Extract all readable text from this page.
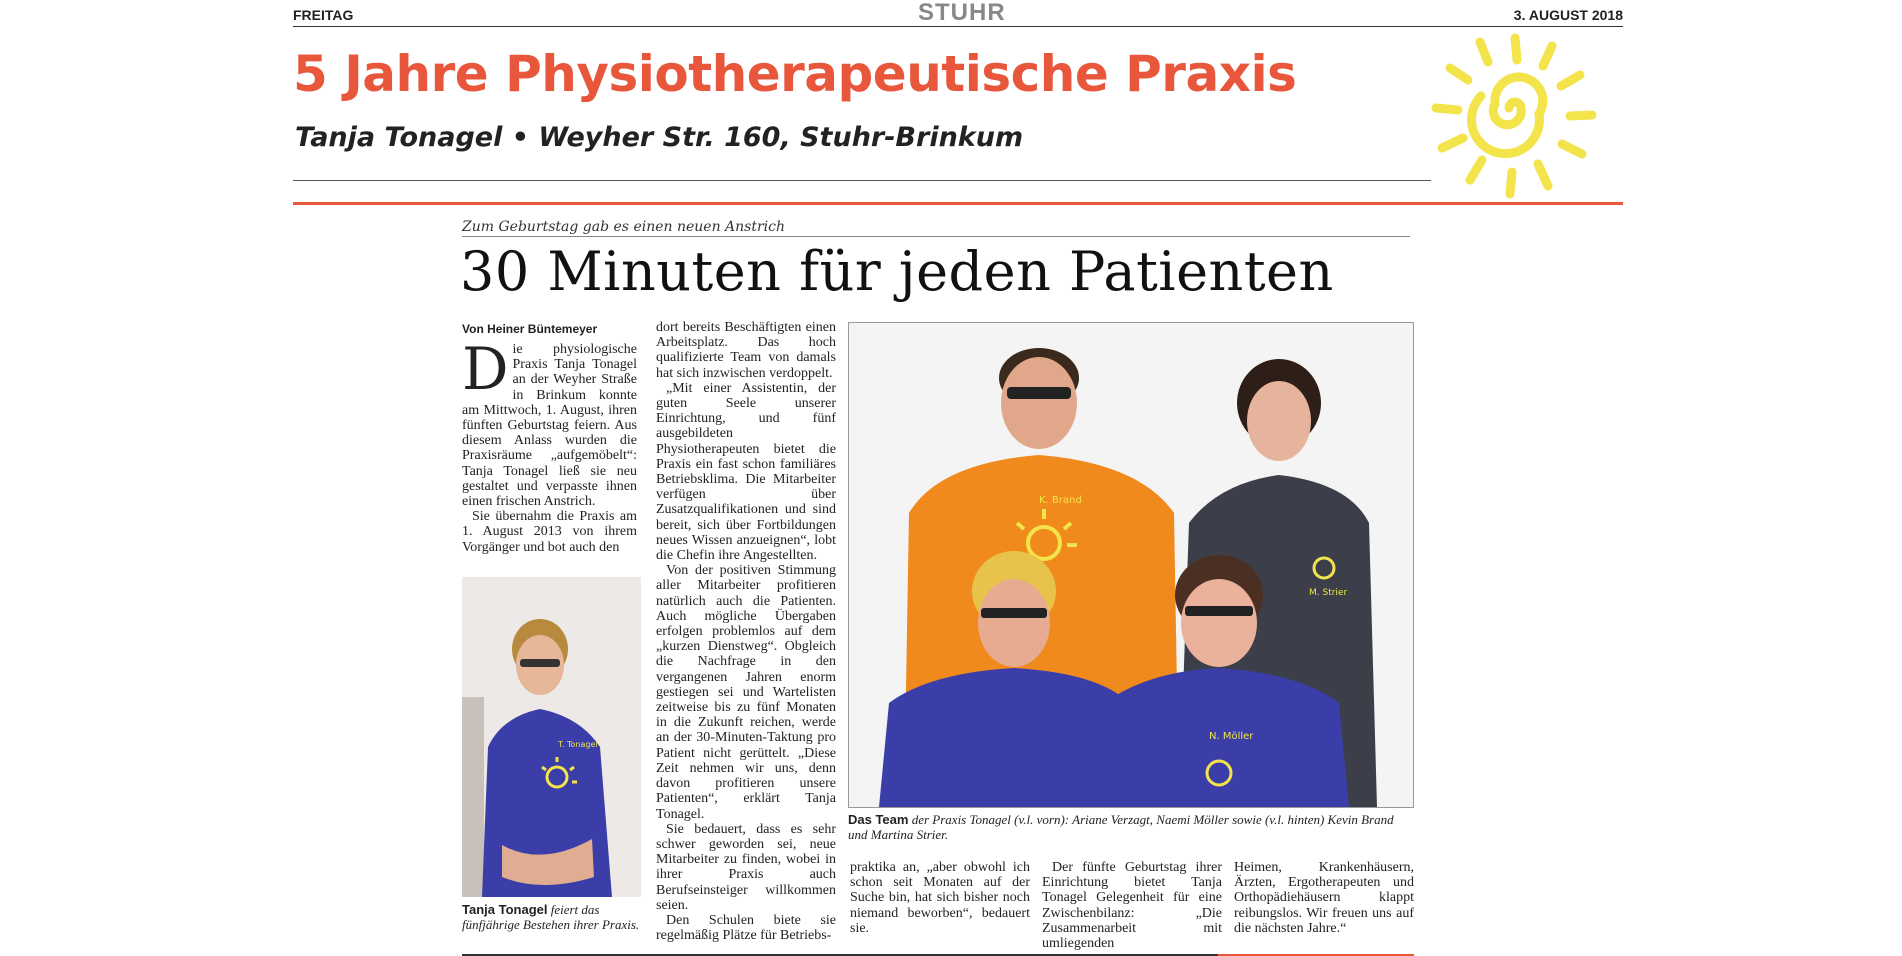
FREITAG	STUHR	3. AUGUST 2018
5 Jahre Physiotherapeutische Praxis
Tanja Tonagel • Weyher Str. 160, Stuhr-Brinkum
Zum Geburtstag gab es einen neuen Anstrich
30 Minuten für jeden Patienten
Von Heiner Büntemeyer

Die physiologische Praxis Tanja Tonagel an der Weyher Straße in Brinkum konnte am Mittwoch, 1. August, ihren fünften Geburtstag feiern. Aus diesem Anlass wurden die Praxisräume „aufgemöbelt“: Tanja Tonagel ließ sie neu gestaltet und verpasste ihnen einen frischen Anstrich.

Sie übernahm die Praxis am 1. August 2013 von ihrem Vorgänger und bot auch den

T. Tonagel
Tanja Tonagel feiert das fünfjährige Bestehen ihrer Praxis.

dort bereits Beschäftigten einen Arbeitsplatz. Das hoch qualifizierte Team von damals hat sich inzwischen verdoppelt.

„Mit einer Assistentin, der guten Seele unserer Einrichtung, und fünf ausgebildeten Physiotherapeuten bietet die Praxis ein fast schon familiäres Betriebsklima. Die Mitarbeiter verfügen über Zusatzqualifikationen und sind bereit, sich über Fortbildungen neues Wissen anzueignen“, lobt die Chefin ihre Angestellten.

Von der positiven Stimmung aller Mitarbeiter profitieren natürlich auch die Patienten. Auch mögliche Übergaben erfolgen problemlos auf dem „kurzen Dienstweg“. Obgleich die Nachfrage in den vergangenen Jahren enorm gestiegen sei und Wartelisten zeitweise bis zu fünf Monaten in die Zukunft reichen, werde an der 30-Minuten-Taktung pro Patient nicht gerüttelt. „Diese Zeit nehmen wir uns, denn davon profitieren unsere Patienten“, erklärt Tanja Tonagel.

Sie bedauert, dass es sehr schwer geworden sei, neue Mitarbeiter zu finden, wobei in ihrer Praxis auch Berufseinsteiger willkommen seien.

Den Schulen biete sie regelmäßig Plätze für Betriebs-

K. Brand
M. Strier
N. Möller
Das Team der Praxis Tonagel (v.l. vorn): Ariane Verzagt, Naemi Möller sowie (v.l. hinten) Kevin Brand und Martina Strier.

praktika an, „aber obwohl ich schon seit Monaten auf der Suche bin, hat sich bisher noch niemand beworben“, bedauert sie.

Der fünfte Geburtstag ihrer Einrichtung bietet Tanja Tonagel Gelegenheit für eine Zwischenbilanz: „Die Zusammenarbeit mit umliegenden

Heimen, Krankenhäusern, Ärzten, Ergotherapeuten und Orthopädiehäusern klappt reibungslos. Wir freuen uns auf die nächsten Jahre.“
